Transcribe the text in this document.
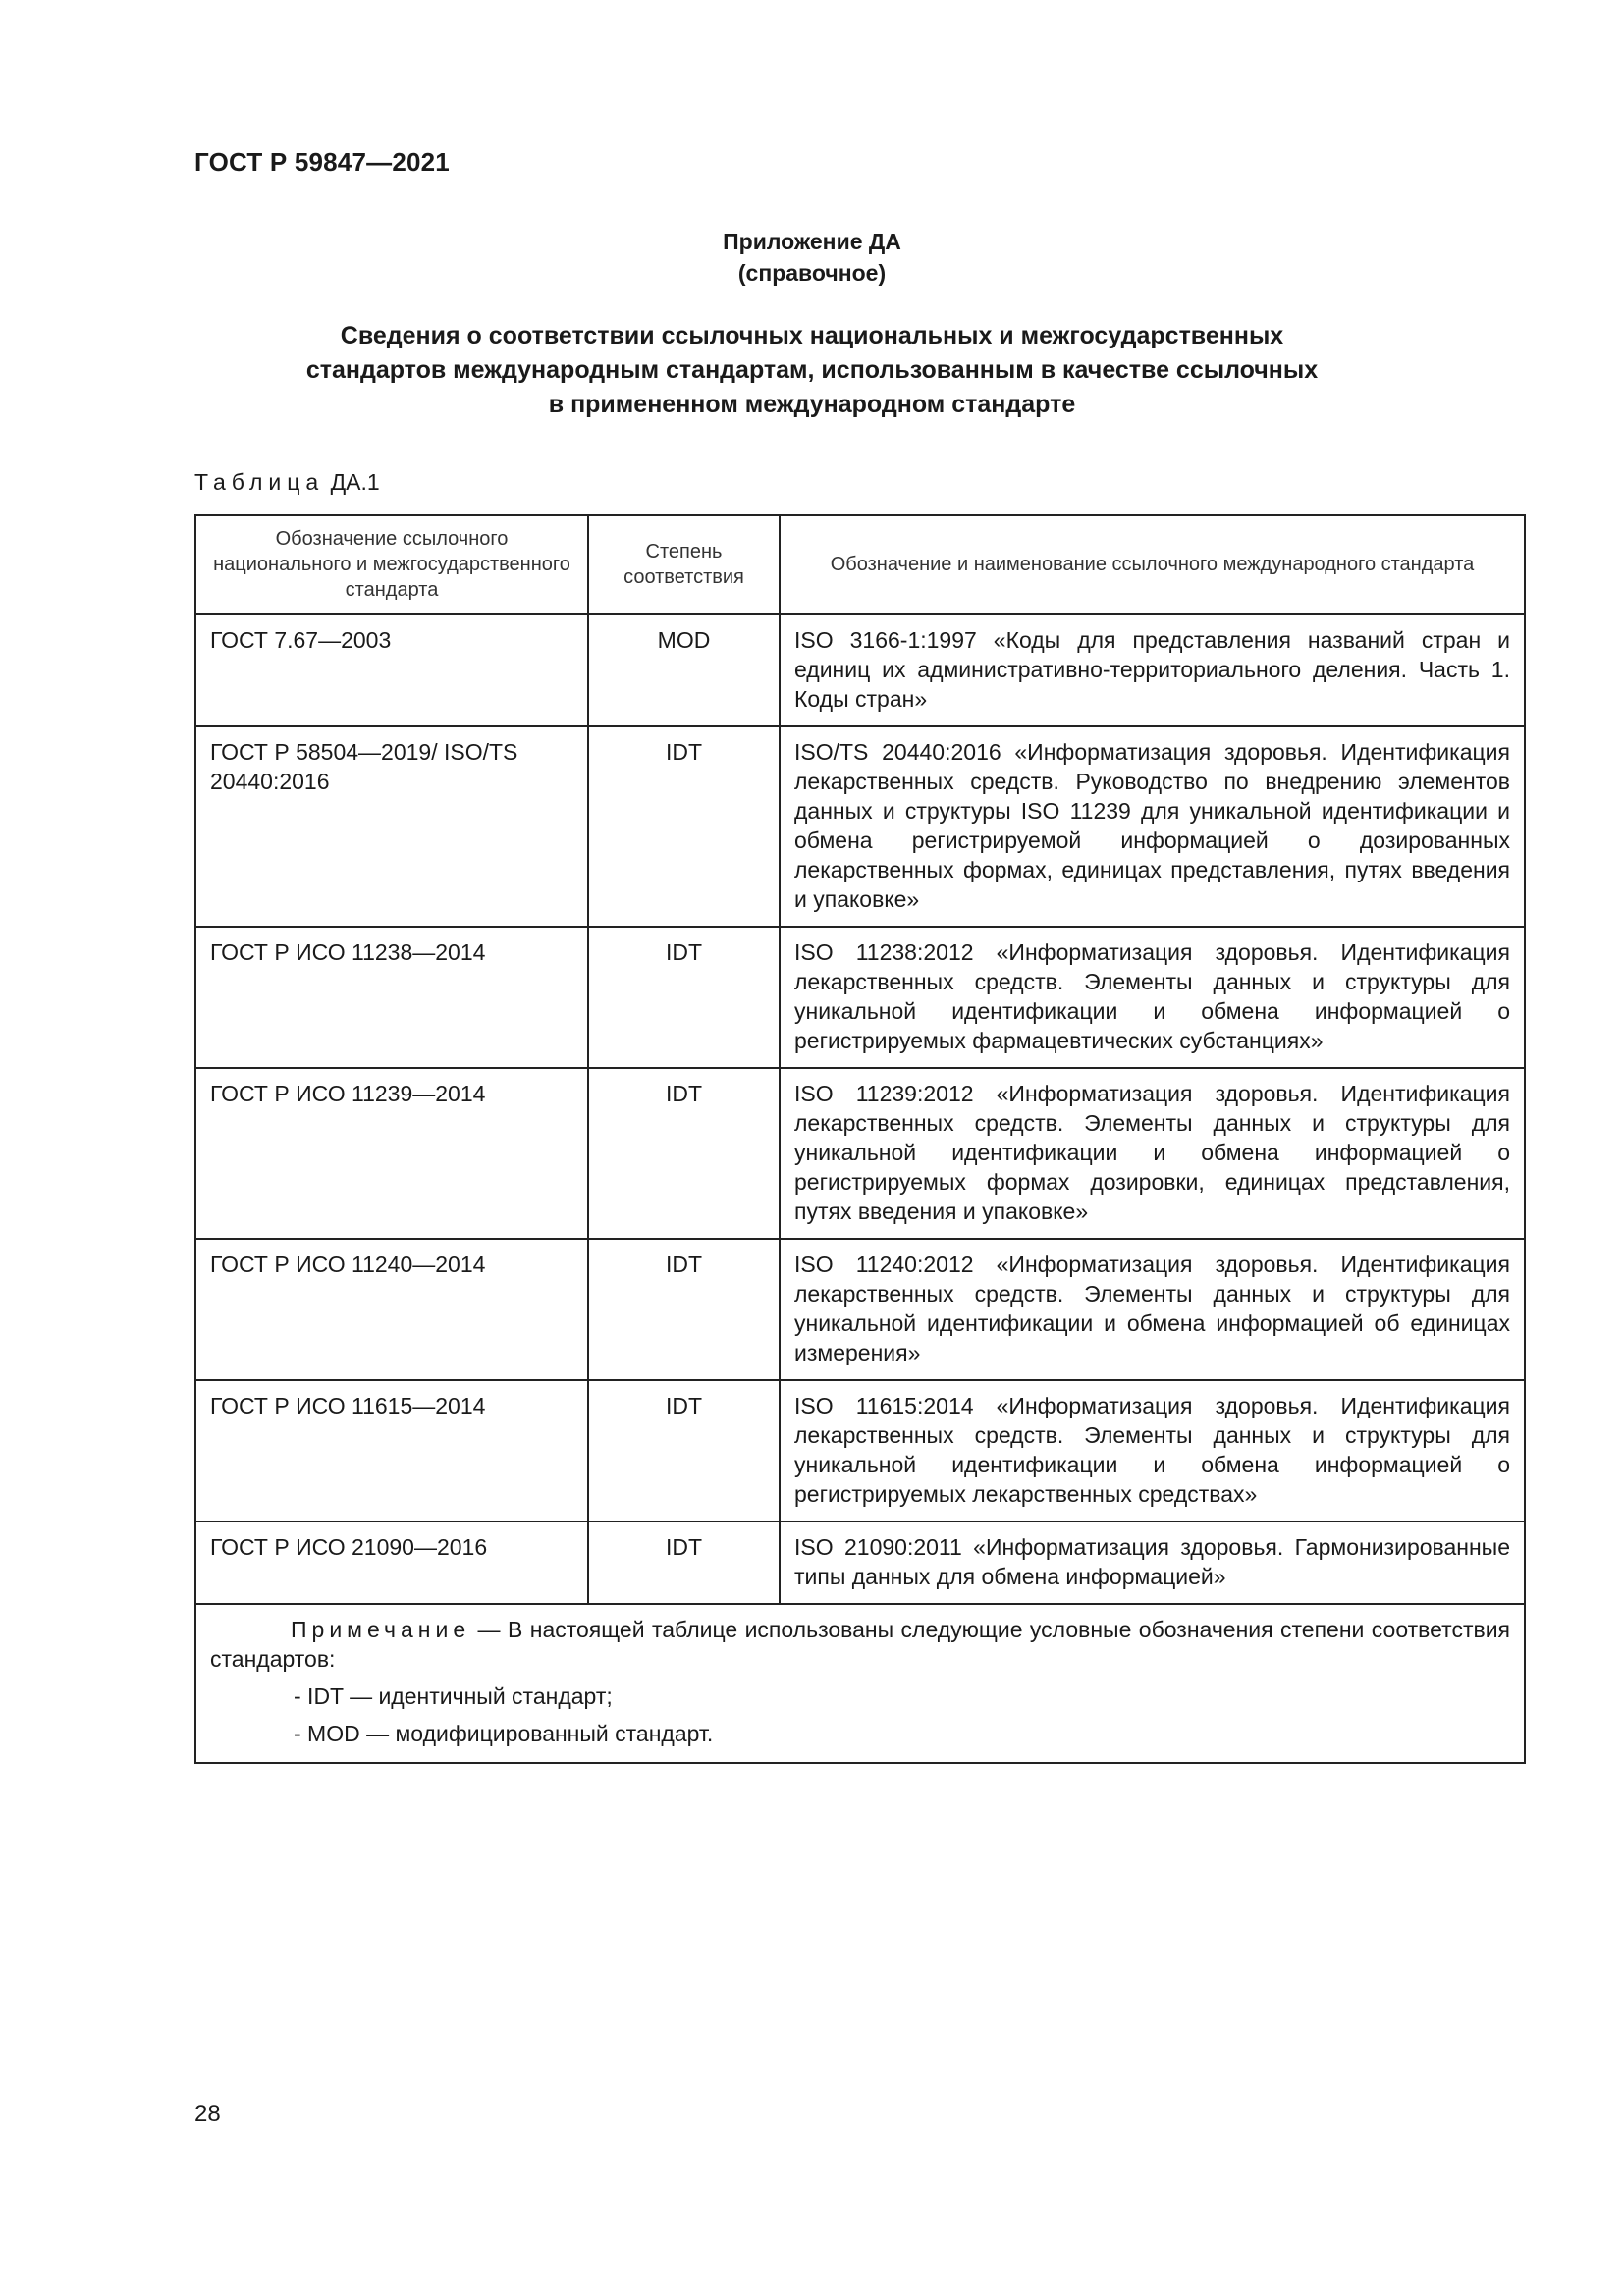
ГОСТ Р 59847—2021
Приложение ДА
(справочное)
Сведения о соответствии ссылочных национальных и межгосударственных
стандартов международным стандартам, использованным в качестве ссылочных
в примененном международном стандарте
Таблица ДА.1
Обозначение ссылочного национального и межгосударственного стандарта	Степень соответствия	Обозначение и наименование ссылочного международного стандарта
ГОСТ 7.67—2003	MOD	ISO 3166-1:1997 «Коды для представления названий стран и единиц их административно-территориального деления. Часть 1. Коды стран»
ГОСТ Р 58504—2019/ ISO/TS 20440:2016	IDT	ISO/TS 20440:2016 «Информатизация здоровья. Идентификация лекарственных средств. Руководство по внедрению элементов данных и структуры ISO 11239 для уникальной идентификации и обмена регистрируемой информацией о дозированных лекарственных формах, единицах представления, путях введения и упаковке»
ГОСТ Р ИСО 11238—2014	IDT	ISO 11238:2012 «Информатизация здоровья. Идентификация лекарственных средств. Элементы данных и структуры для уникальной идентификации и обмена информацией о регистрируемых фармацевтических субстанциях»
ГОСТ Р ИСО 11239—2014	IDT	ISO 11239:2012 «Информатизация здоровья. Идентификация лекарственных средств. Элементы данных и структуры для уникальной идентификации и обмена информацией о регистрируемых формах дозировки, единицах представления, путях введения и упаковке»
ГОСТ Р ИСО 11240—2014	IDT	ISO 11240:2012 «Информатизация здоровья. Идентификация лекарственных средств. Элементы данных и структуры для уникальной идентификации и обмена информацией об единицах измерения»
ГОСТ Р ИСО 11615—2014	IDT	ISO 11615:2014 «Информатизация здоровья. Идентификация лекарственных средств. Элементы данных и структуры для уникальной идентификации и обмена информацией о регистрируемых лекарственных средствах»
ГОСТ Р ИСО 21090—2016	IDT	ISO 21090:2011 «Информатизация здоровья. Гармонизированные типы данных для обмена информацией»

Примечание — В настоящей таблице использованы следующие условные обозначения степени соответствия стандартов:
- IDT — идентичный стандарт;
- MOD — модифицированный стандарт.		
28
